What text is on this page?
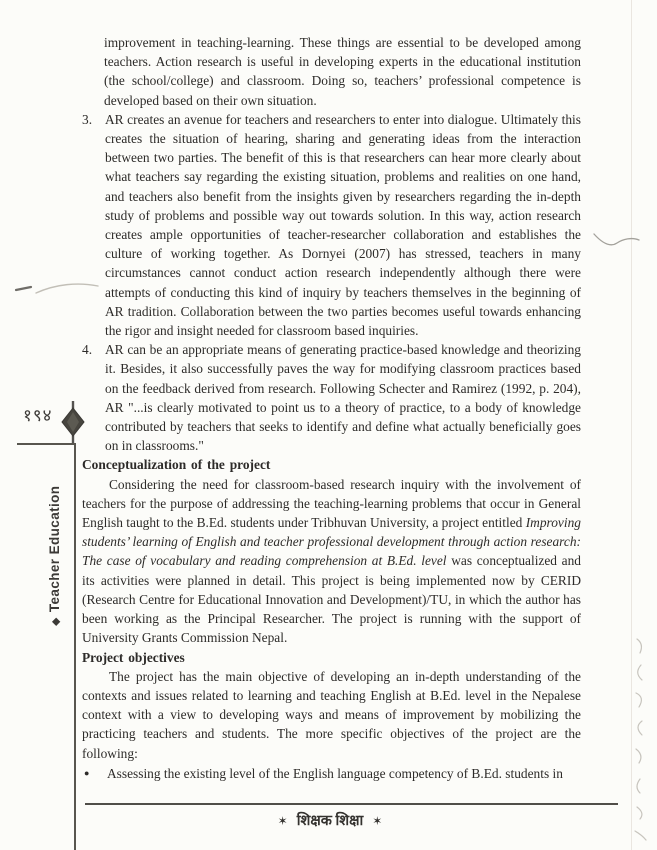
improvement in teaching-learning. These things are essential to be developed among teachers. Action research is useful in developing experts in the educational institution (the school/college) and classroom. Doing so, teachers’ professional competence is developed based on their own situation.

3. AR creates an avenue for teachers and researchers to enter into dialogue. Ultimately this creates the situation of hearing, sharing and generating ideas from the interaction between two parties. The benefit of this is that researchers can hear more clearly about what teachers say regarding the existing situation, problems and realities on one hand, and teachers also benefit from the insights given by researchers regarding the in-depth study of problems and possible way out towards solution. In this way, action research creates ample opportunities of teacher-researcher collaboration and establishes the culture of working together. As Dornyei (2007) has stressed, teachers in many circumstances cannot conduct action research independently although there were attempts of conducting this kind of inquiry by teachers themselves in the beginning of AR tradition. Collaboration between the two parties becomes useful towards enhancing the rigor and insight needed for classroom based inquiries.
4. AR can be an appropriate means of generating practice-based knowledge and theorizing it. Besides, it also successfully paves the way for modifying classroom practices based on the feedback derived from research. Following Schecter and Ramirez (1992, p. 204), AR "...is clearly motivated to point us to a theory of practice, to a body of knowledge contributed by teachers that seeks to identify and define what actually beneficially goes on in classrooms."

Conceptualization of the project

Considering the need for classroom-based research inquiry with the involvement of teachers for the purpose of addressing the teaching-learning problems that occur in General English taught to the B.Ed. students under Tribhuvan University, a project entitled Improving students’ learning of English and teacher professional development through action research: The case of vocabulary and reading comprehension at B.Ed. level was conceptualized and its activities were planned in detail. This project is being implemented now by CERID (Research Centre for Educational Innovation and Development)/TU, in which the author has been working as the Principal Researcher. The project is running with the support of University Grants Commission Nepal.

Project objectives

The project has the main objective of developing an in-depth understanding of the contexts and issues related to learning and teaching English at B.Ed. level in the Nepalese context with a view to developing ways and means of improvement by mobilizing the practicing teachers and students. The more specific objectives of the project are the following:

●	Assessing the existing level of the English language competency of B.Ed. students in
१९४
◆Teacher Education
✶ शिक्षक शिक्षा ✶
